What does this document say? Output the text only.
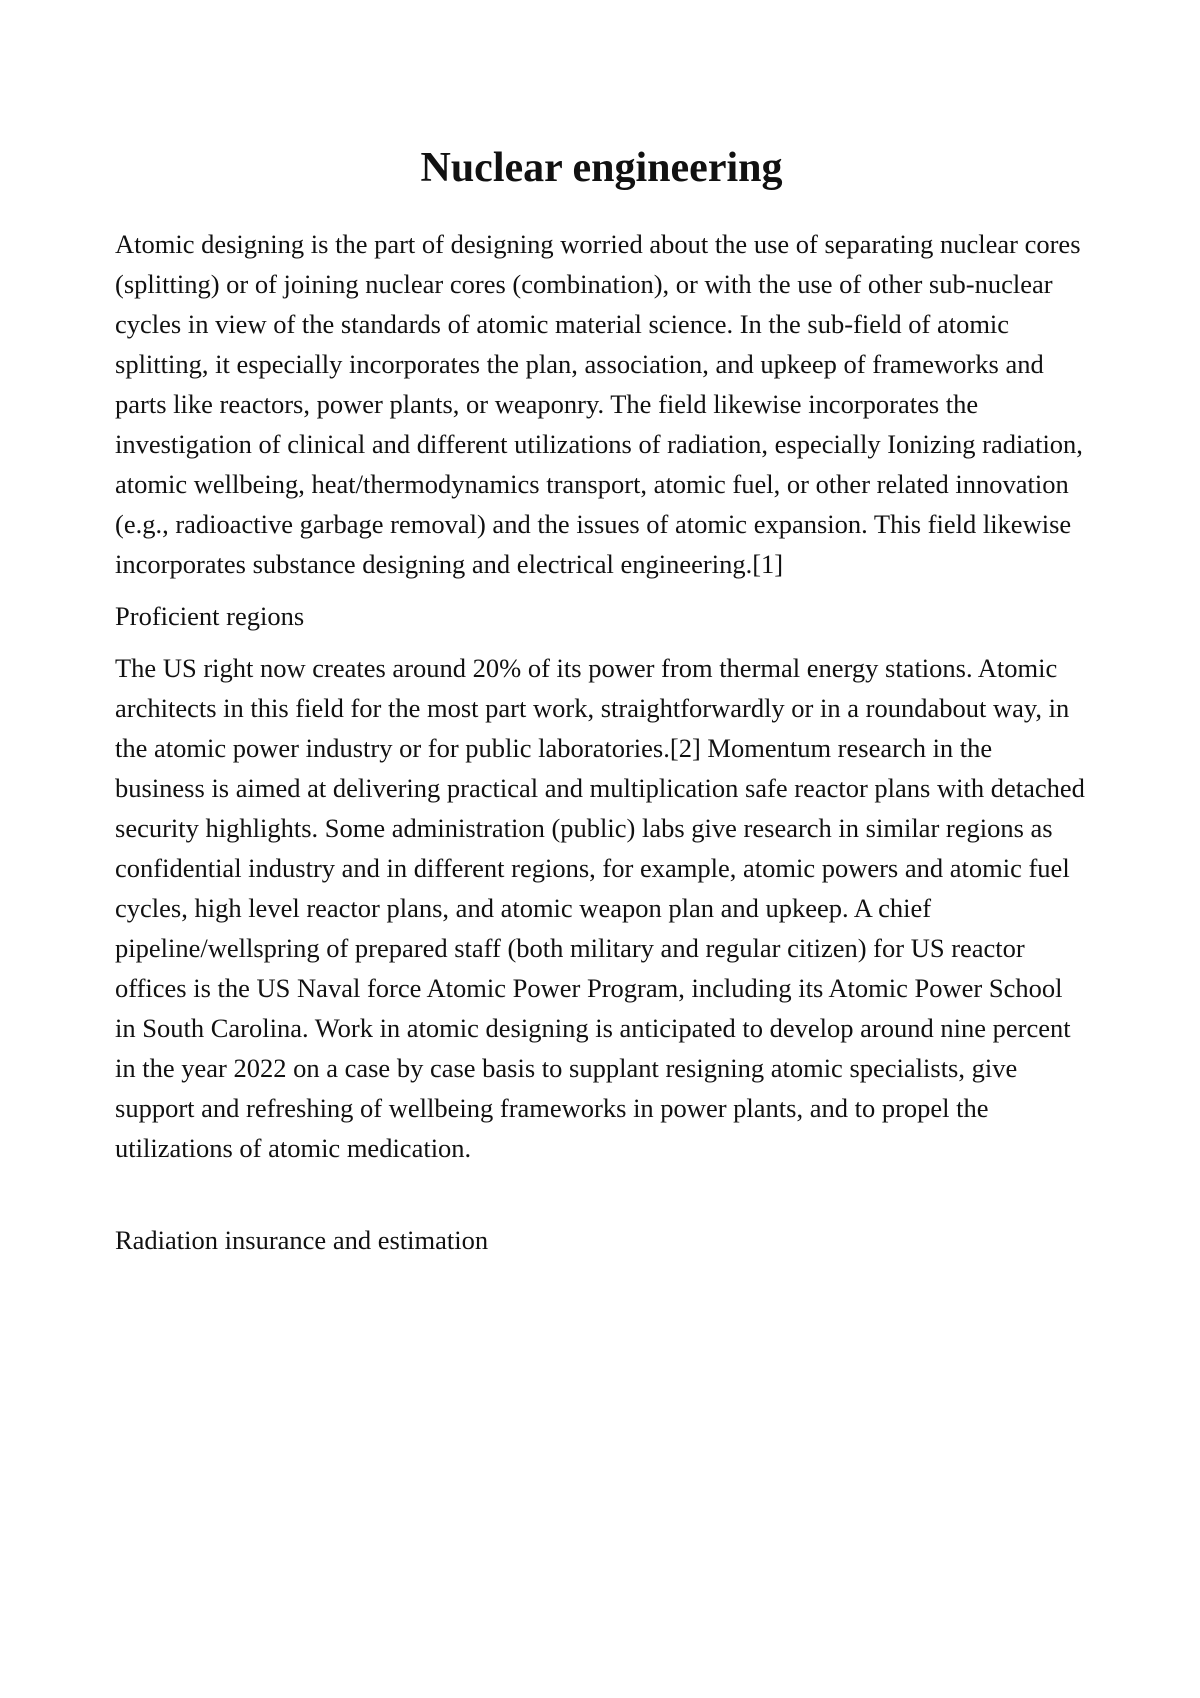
Nuclear engineering

Atomic designing is the part of designing worried about the use of separating nuclear cores (splitting) or of joining nuclear cores (combination), or with the use of other sub-nuclear cycles in view of the standards of atomic material science. In the sub-field of atomic splitting, it especially incorporates the plan, association, and upkeep of frameworks and parts like reactors, power plants, or weaponry. The field likewise incorporates the investigation of clinical and different utilizations of radiation, especially Ionizing radiation, atomic wellbeing, heat/thermodynamics transport, atomic fuel, or other related innovation (e.g., radioactive garbage removal) and the issues of atomic expansion. This field likewise incorporates substance designing and electrical engineering.[1]

Proficient regions

The US right now creates around 20% of its power from thermal energy stations. Atomic architects in this field for the most part work, straightforwardly or in a roundabout way, in the atomic power industry or for public laboratories.[2] Momentum research in the business is aimed at delivering practical and multiplication safe reactor plans with detached security highlights. Some administration (public) labs give research in similar regions as confidential industry and in different regions, for example, atomic powers and atomic fuel cycles, high level reactor plans, and atomic weapon plan and upkeep. A chief pipeline/wellspring of prepared staff (both military and regular citizen) for US reactor offices is the US Naval force Atomic Power Program, including its Atomic Power School in South Carolina. Work in atomic designing is anticipated to develop around nine percent in the year 2022 on a case by case basis to supplant resigning atomic specialists, give support and refreshing of wellbeing frameworks in power plants, and to propel the utilizations of atomic medication.

Radiation insurance and estimation
